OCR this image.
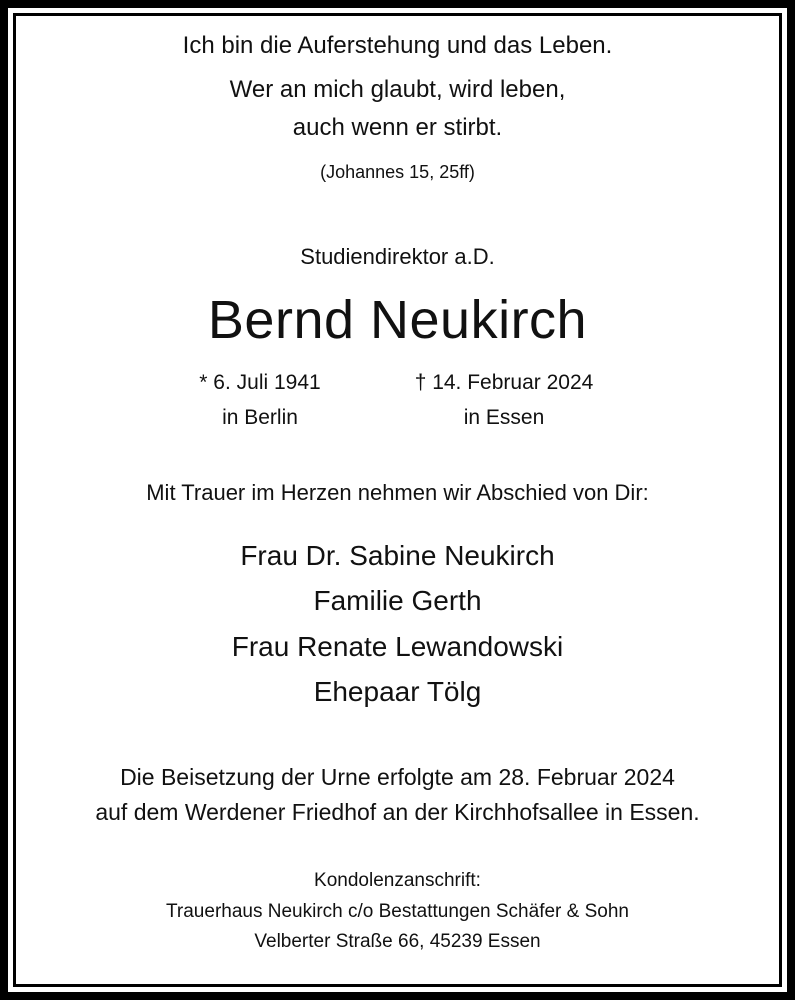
Ich bin die Auferstehung und das Leben.
Wer an mich glaubt, wird leben,
auch wenn er stirbt.
(Johannes 15, 25ff)
Studiendirektor a.D.
Bernd Neukirch
* 6. Juli 1941
in Berlin
† 14. Februar 2024
in Essen
Mit Trauer im Herzen nehmen wir Abschied von Dir:
Frau Dr. Sabine Neukirch
Familie Gerth
Frau Renate Lewandowski
Ehepaar Tölg
Die Beisetzung der Urne erfolgte am 28. Februar 2024
auf dem Werdener Friedhof an der Kirchhofsallee in Essen.
Kondolenzanschrift:
Trauerhaus Neukirch c/o Bestattungen Schäfer & Sohn
Velberter Straße 66, 45239 Essen
